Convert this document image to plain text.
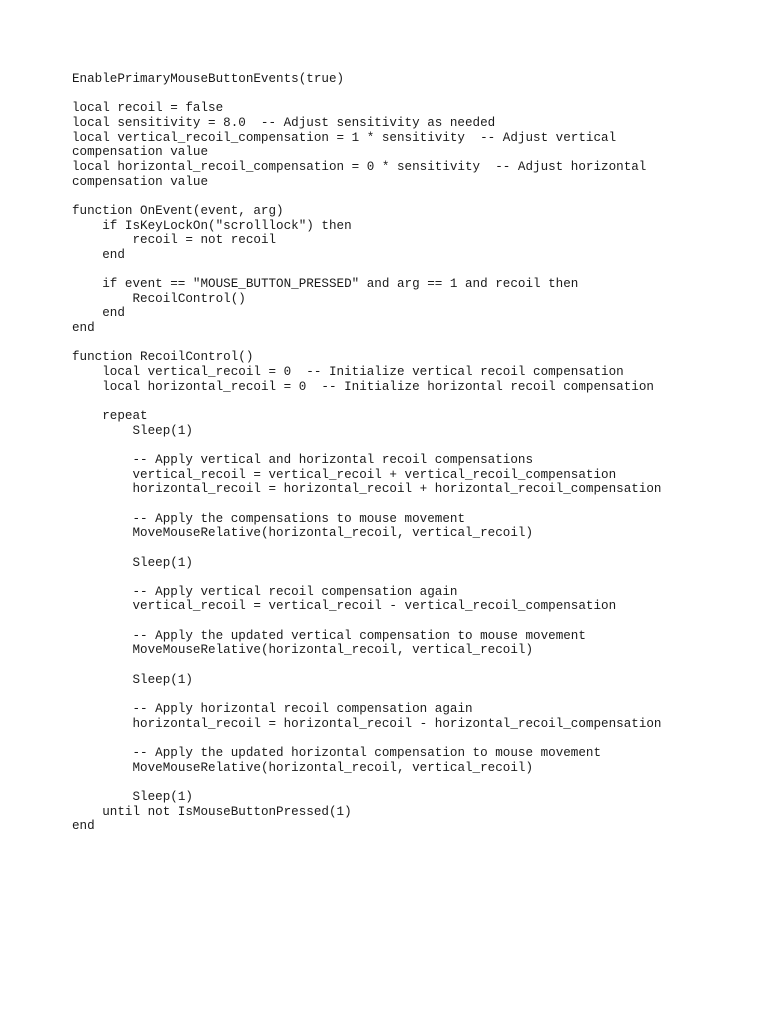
EnablePrimaryMouseButtonEvents(true)
local recoil = false
local sensitivity = 8.0  -- Adjust sensitivity as needed
local vertical_recoil_compensation = 1 * sensitivity  -- Adjust vertical
compensation value
local horizontal_recoil_compensation = 0 * sensitivity  -- Adjust horizontal
compensation value
function OnEvent(event, arg)
if IsKeyLockOn("scrolllock") then
recoil = not recoil
end
if event == "MOUSE_BUTTON_PRESSED" and arg == 1 and recoil then
RecoilControl()
end
end
function RecoilControl()
local vertical_recoil = 0  -- Initialize vertical recoil compensation
local horizontal_recoil = 0  -- Initialize horizontal recoil compensation
repeat
Sleep(1)
-- Apply vertical and horizontal recoil compensations
vertical_recoil = vertical_recoil + vertical_recoil_compensation
horizontal_recoil = horizontal_recoil + horizontal_recoil_compensation
-- Apply the compensations to mouse movement
MoveMouseRelative(horizontal_recoil, vertical_recoil)
Sleep(1)
-- Apply vertical recoil compensation again
vertical_recoil = vertical_recoil - vertical_recoil_compensation
-- Apply the updated vertical compensation to mouse movement
MoveMouseRelative(horizontal_recoil, vertical_recoil)
Sleep(1)
-- Apply horizontal recoil compensation again
horizontal_recoil = horizontal_recoil - horizontal_recoil_compensation
-- Apply the updated horizontal compensation to mouse movement
MoveMouseRelative(horizontal_recoil, vertical_recoil)
Sleep(1)
until not IsMouseButtonPressed(1)
end
